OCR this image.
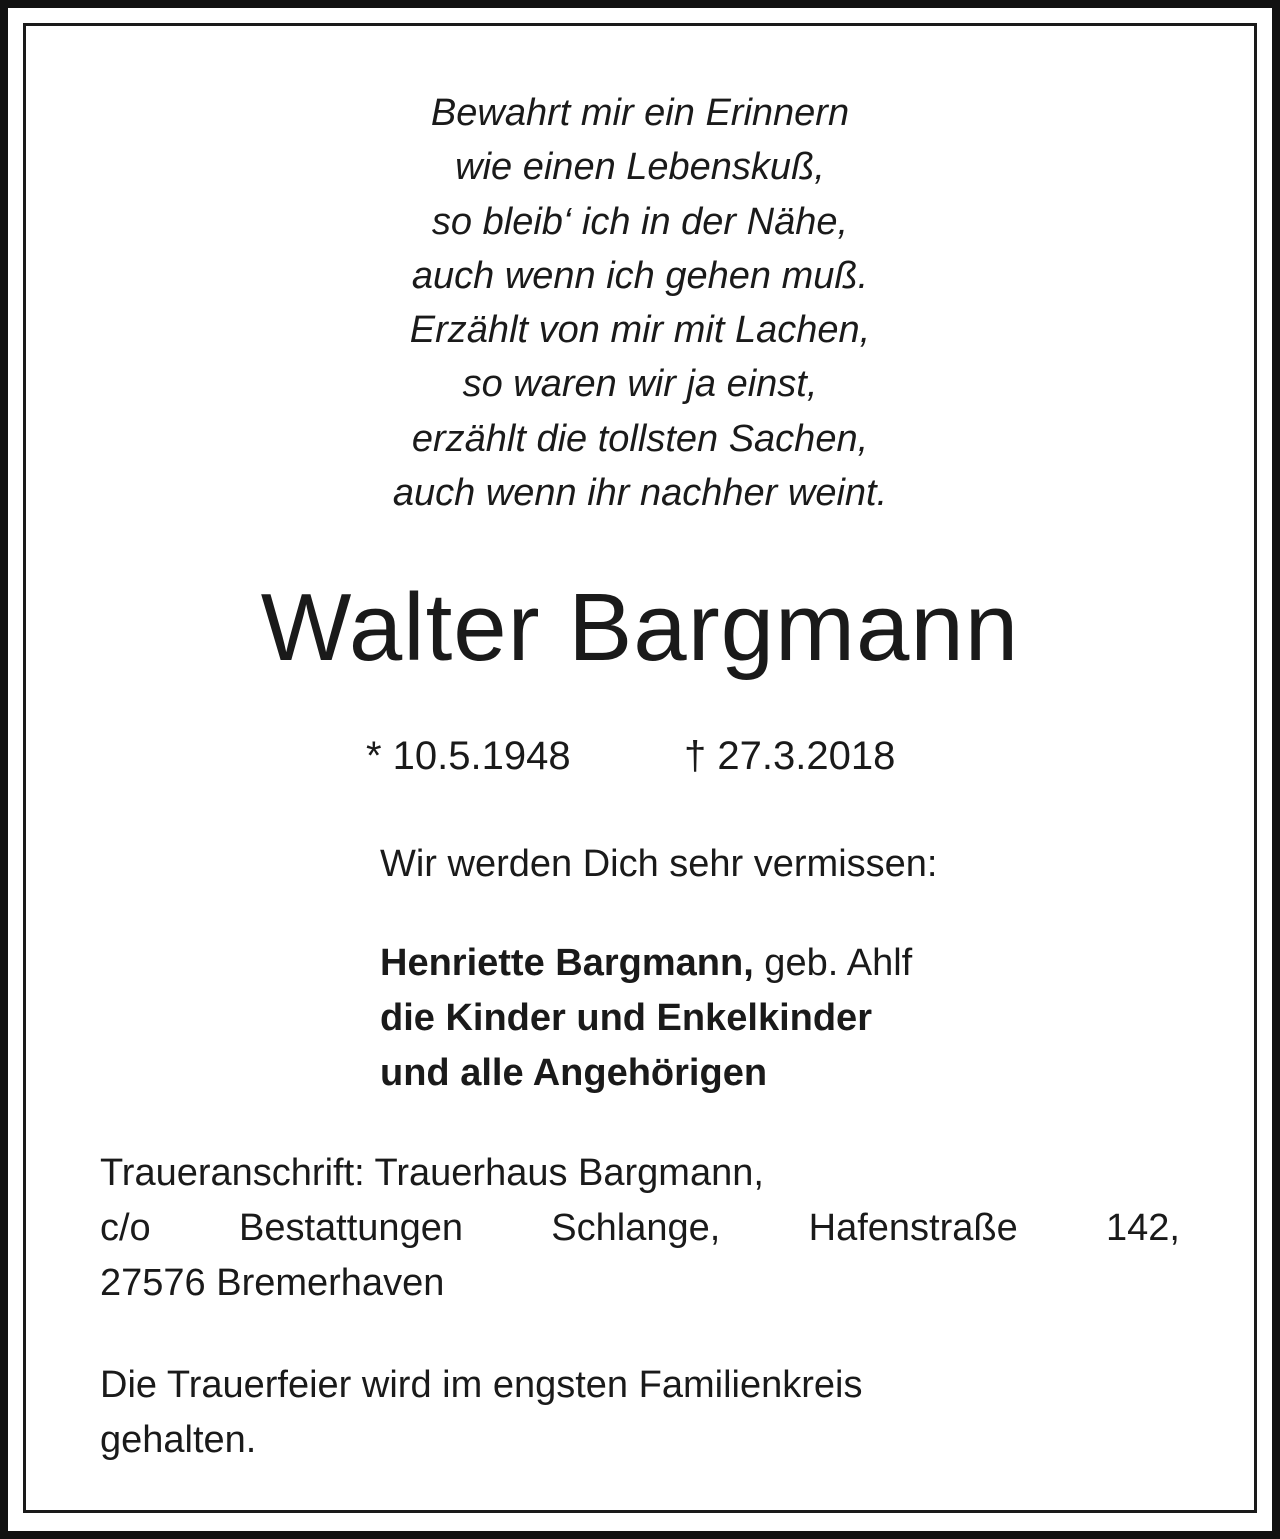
Bewahrt mir ein Erinnern
wie einen Lebenskuß,
so bleib‘ ich in der Nähe,
auch wenn ich gehen muß.
Erzählt von mir mit Lachen,
so waren wir ja einst,
erzählt die tollsten Sachen,
auch wenn ihr nachher weint.
Walter Bargmann
* 10.5.1948	† 27.3.2018
Wir werden Dich sehr vermissen:
Henriette Bargmann, geb. Ahlf
die Kinder und Enkelkinder
und alle Angehörigen
Traueranschrift: Trauerhaus Bargmann,
c/o Bestattungen Schlange, Hafenstraße 142,
27576 Bremerhaven
Die Trauerfeier wird im engsten Familienkreis
gehalten.
